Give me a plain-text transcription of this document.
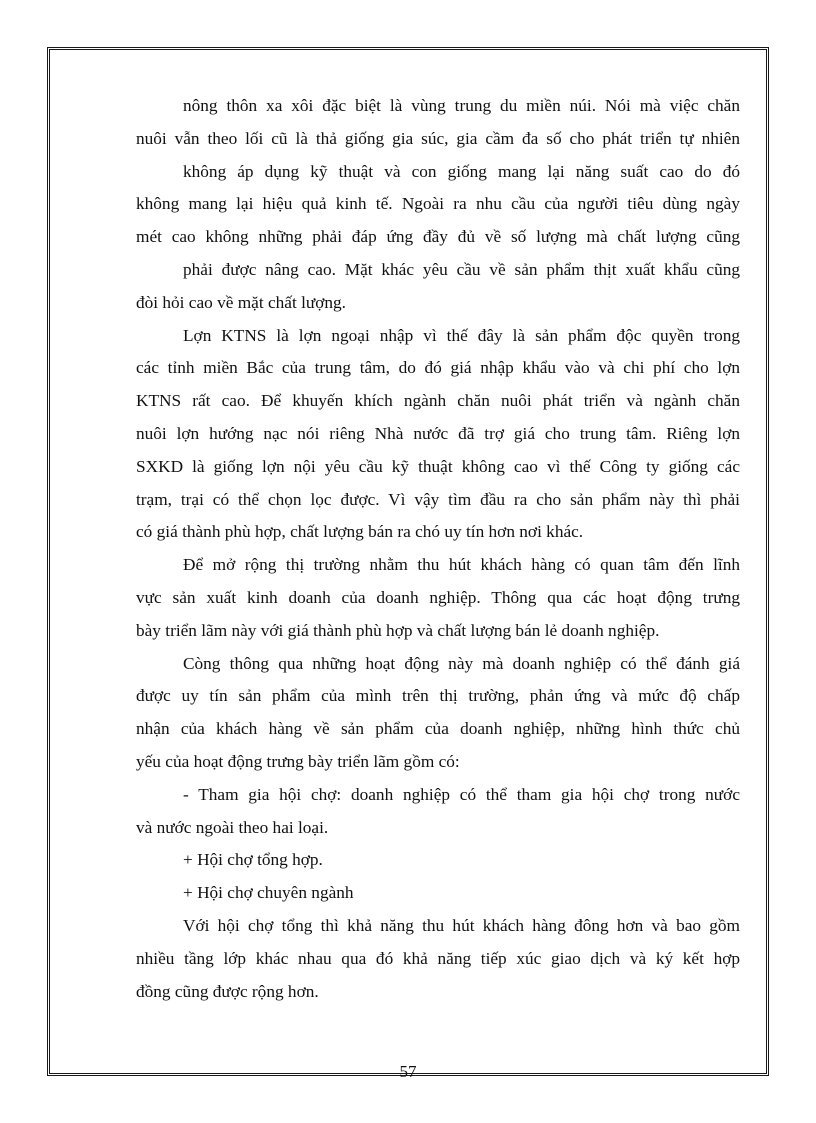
nông thôn xa xôi đặc biệt là vùng trung du miền núi. Nói mà việc chăn
nuôi vẫn theo lối cũ là thả giống gia súc, gia cầm đa số cho phát triển tự nhiên
không áp dụng kỹ thuật và con giống mang lại năng suất cao do đó
không mang lại hiệu quả kinh tế. Ngoài ra nhu cầu của người tiêu dùng ngày
mét cao không những phải đáp ứng đầy đủ về số lượng mà chất lượng cũng
phải được nâng cao. Mặt khác yêu cầu về sản phẩm thịt xuất khẩu cũng
đòi hỏi cao về mặt chất lượng.
Lợn KTNS là lợn ngoại nhập vì thế đây là sản phẩm độc quyền trong
các tỉnh miền Bắc của trung tâm, do đó giá nhập khẩu vào và chi phí cho lợn
KTNS rất cao. Để khuyến khích ngành chăn nuôi phát triển và ngành chăn
nuôi lợn hướng nạc nói riêng Nhà nước đã trợ giá cho trung tâm. Riêng lợn
SXKD là giống lợn nội yêu cầu kỹ thuật không cao vì thế Công ty giống các
trạm, trại có thể chọn lọc được. Vì vậy tìm đầu ra cho sản phẩm này thì phải
có giá thành phù hợp, chất lượng bán ra chó uy tín hơn nơi khác.
Để mở rộng thị trường nhằm thu hút khách hàng có quan tâm đến lĩnh
vực sản xuất kinh doanh của doanh nghiệp. Thông qua các hoạt động trưng
bày triển lãm này với giá thành phù hợp và chất lượng bán lẻ doanh nghiệp.
Còng thông qua những hoạt động này mà doanh nghiệp có thể đánh giá
được uy tín sản phẩm của mình trên thị trường, phản ứng và mức độ chấp
nhận của khách hàng về sản phẩm của doanh nghiệp, những hình thức chủ
yếu của hoạt động trưng bày triển lãm gồm có:
- Tham gia hội chợ: doanh nghiệp có thể tham gia hội chợ trong nước
và nước ngoài theo hai loại.
+ Hội chợ tổng hợp.
+ Hội chợ chuyên ngành
Với hội chợ tổng thì khả năng thu hút khách hàng đông hơn và bao gồm
nhiều tầng lớp khác nhau qua đó khả năng tiếp xúc giao dịch và ký kết hợp
đồng cũng được rộng hơn.
57
